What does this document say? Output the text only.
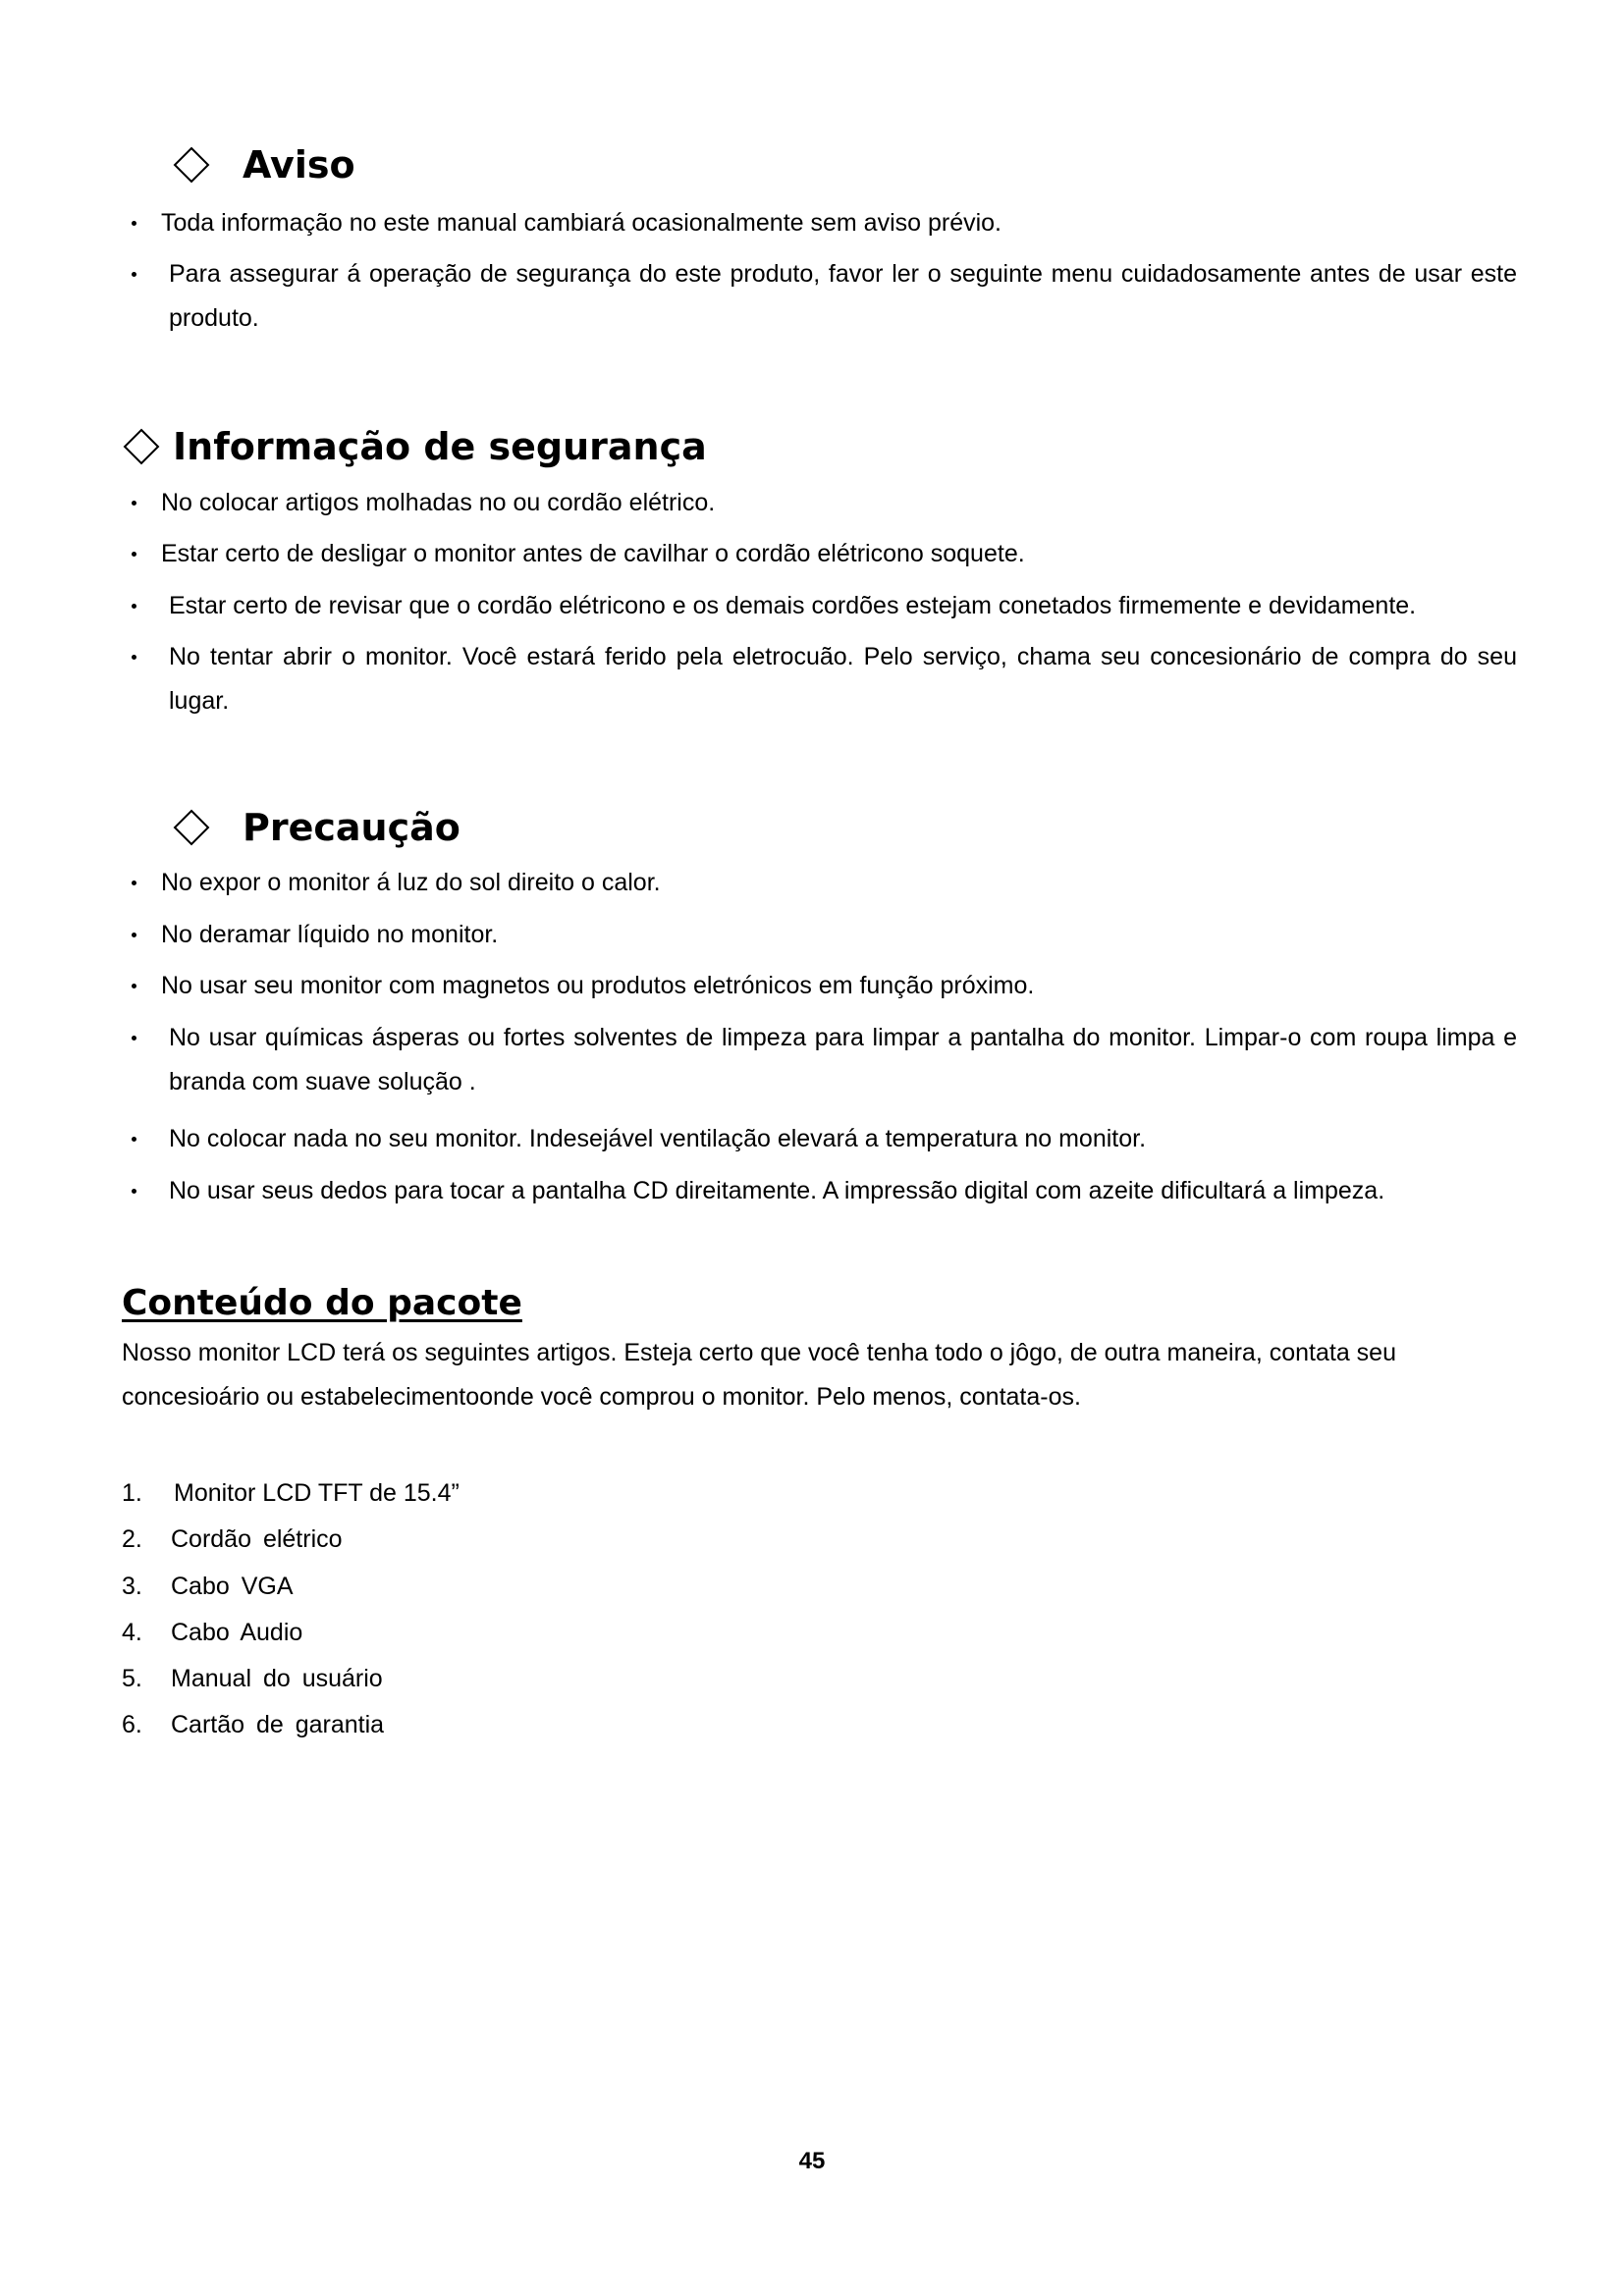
Aviso
Toda informação no este manual cambiará ocasionalmente sem aviso prévio.
Para assegurar á operação de segurança do este produto, favor ler o seguinte menu cuidadosamente antes de usar este produto.
Informação de segurança
No colocar artigos molhadas no ou cordão elétrico.
Estar certo de desligar o monitor antes de cavilhar o cordão elétricono soquete.
Estar certo de revisar que o cordão elétricono e os demais cordões estejam conetados firmemente e devidamente.
No tentar abrir o monitor. Você estará ferido pela eletrocuão. Pelo serviço, chama seu concesionário de compra do seu lugar.
Precaução
No expor o monitor á luz do sol direito o calor.
No deramar líquido no monitor.
No usar seu monitor com magnetos ou produtos eletrónicos em função próximo.
No usar químicas ásperas ou fortes solventes de limpeza para limpar a pantalha do monitor. Limpar-o com roupa limpa e branda com suave solução .
No colocar nada no seu monitor. Indesejável ventilação elevará a temperatura no monitor.
No usar seus dedos para tocar a pantalha CD direitamente. A impressão digital com azeite dificultará a limpeza.
Conteúdo do pacote
Nosso monitor LCD terá os seguintes artigos. Esteja certo que você tenha todo o jôgo, de outra maneira, contata seu concesioário ou estabelecimentoonde você comprou o monitor. Pelo menos, contata-os.
1. Monitor LCD TFT de 15.4”
2. Cordão elétrico
3. Cabo VGA
4. Cabo Audio
5. Manual do usuário
6. Cartão de garantia
45
